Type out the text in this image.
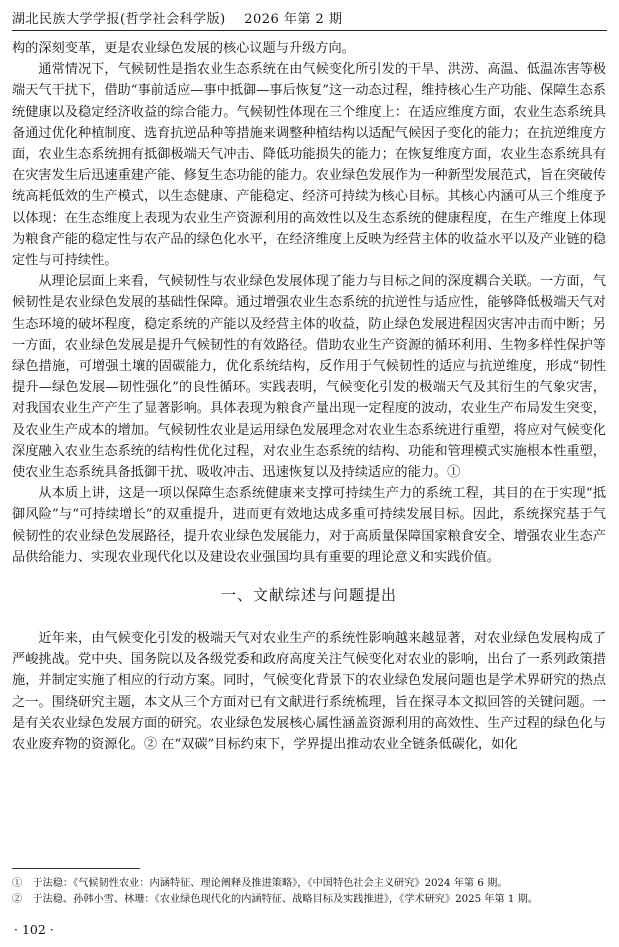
湖北民族大学学报(哲学社会科学版) 2026 年第 2 期

构的深刻变革，更是农业绿色发展的核心议题与升级方向。

通常情况下，气候韧性是指农业生态系统在由气候变化所引发的干旱、洪涝、高温、低温冻害等极端天气干扰下，借助“事前适应—事中抵御—事后恢复”这一动态过程，维持核心生产功能、保障生态系统健康以及稳定经济收益的综合能力。气候韧性体现在三个维度上：在适应维度方面，农业生态系统具备通过优化种植制度、选育抗逆品种等措施来调整种植结构以适配气候因子变化的能力；在抗逆维度方面，农业生态系统拥有抵御极端天气冲击、降低功能损失的能力；在恢复维度方面，农业生态系统具有在灾害发生后迅速重建产能、修复生态功能的能力。农业绿色发展作为一种新型发展范式，旨在突破传统高耗低效的生产模式，以生态健康、产能稳定、经济可持续为核心目标。其核心内涵可从三个维度予以体现：在生态维度上表现为农业生产资源利用的高效性以及生态系统的健康程度，在生产维度上体现为粮食产能的稳定性与农产品的绿色化水平，在经济维度上反映为经营主体的收益水平以及产业链的稳定性与可持续性。

从理论层面上来看，气候韧性与农业绿色发展体现了能力与目标之间的深度耦合关联。一方面，气候韧性是农业绿色发展的基础性保障。通过增强农业生态系统的抗逆性与适应性，能够降低极端天气对生态环境的破坏程度，稳定系统的产能以及经营主体的收益，防止绿色发展进程因灾害冲击而中断；另一方面，农业绿色发展是提升气候韧性的有效路径。借助农业生产资源的循环利用、生物多样性保护等绿色措施，可增强土壤的固碳能力，优化系统结构，反作用于气候韧性的适应与抗逆维度，形成“韧性提升—绿色发展—韧性强化”的良性循环。实践表明，气候变化引发的极端天气及其衍生的气象灾害，对我国农业生产产生了显著影响。具体表现为粮食产量出现一定程度的波动，农业生产布局发生突变，及农业生产成本的增加。气候韧性农业是运用绿色发展理念对农业生态系统进行重塑，将应对气候变化深度融入农业生态系统的结构性优化过程，对农业生态系统的结构、功能和管理模式实施根本性重塑，使农业生态系统具备抵御干扰、吸收冲击、迅速恢复以及持续适应的能力。①

从本质上讲，这是一项以保障生态系统健康来支撑可持续生产力的系统工程，其目的在于实现“抵御风险”与“可持续增长”的双重提升，进而更有效地达成多重可持续发展目标。因此，系统探究基于气候韧性的农业绿色发展路径，提升农业绿色发展能力，对于高质量保障国家粮食安全、增强农业生态产品供给能力、实现农业现代化以及建设农业强国均具有重要的理论意义和实践价值。

一、文献综述与问题提出

近年来，由气候变化引发的极端天气对农业生产的系统性影响越来越显著，对农业绿色发展构成了严峻挑战。党中央、国务院以及各级党委和政府高度关注气候变化对农业的影响，出台了一系列政策措施，并制定实施了相应的行动方案。同时，气候变化背景下的农业绿色发展问题也是学术界研究的热点之一。围绕研究主题，本文从三个方面对已有文献进行系统梳理，旨在探寻本文拟回答的关键问题。一是有关农业绿色发展方面的研究。农业绿色发展核心属性涵盖资源利用的高效性、生产过程的绿色化与农业废弃物的资源化。② 在“双碳”目标约束下，学界提出推动农业全链条低碳化，如化

①　于法稳：《气候韧性农业：内涵特征、理论阐释及推进策略》，《中国特色社会主义研究》2024 年第 6 期。
②　于法稳、孙韩小雪、林珊：《农业绿色现代化的内涵特征、战略目标及实践推进》，《学术研究》2025 年第 1 期。
· 102 ·
